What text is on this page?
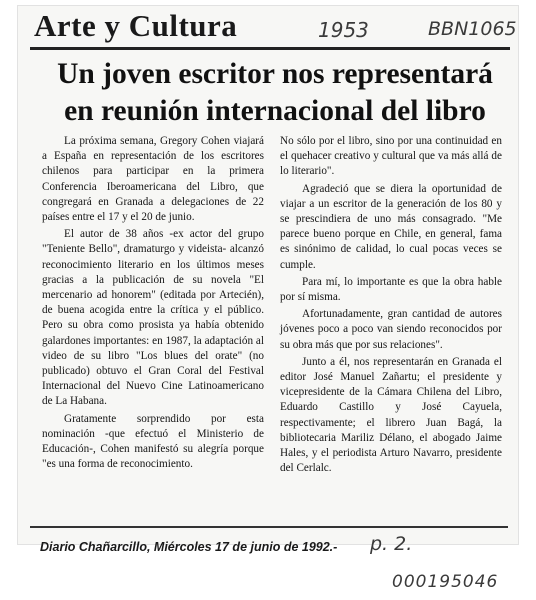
Arte y Cultura	1953	BBN1065
Un joven escritor nos representará en reunión internacional del libro

La próxima semana, Gregory Cohen viajará a España en representación de los escritores chilenos para participar en la primera Conferencia Iberoamericana del Libro, que congregará en Granada a delegaciones de 22 países entre el 17 y el 20 de junio.

El autor de 38 años -ex actor del grupo "Teniente Bello", dramaturgo y videista- alcanzó reconocimiento literario en los últimos meses gracias a la publicación de su novela "El mercenario ad honorem" (editada por Artecién), de buena acogida entre la crítica y el público. Pero su obra como prosista ya había obtenido galardones importantes: en 1987, la adaptación al video de su libro "Los blues del orate" (no publicado) obtuvo el Gran Coral del Festival Internacional del Nuevo Cine Latinoamericano de La Habana.

Gratamente sorprendido por esta nominación -que efectuó el Ministerio de Educación-, Cohen manifestó su alegría porque "es una forma de reconocimiento.

No sólo por el libro, sino por una continuidad en el quehacer creativo y cultural que va más allá de lo literario".

Agradeció que se diera la oportunidad de viajar a un escritor de la generación de los 80 y se prescindiera de uno más consagrado. "Me parece bueno porque en Chile, en general, fama es sinónimo de calidad, lo cual pocas veces se cumple.

Para mí, lo importante es que la obra hable por sí misma.

Afortunadamente, gran cantidad de autores jóvenes poco a poco van siendo reconocidos por su obra más que por sus relaciones".

Junto a él, nos representarán en Granada el editor José Manuel Zañartu; el presidente y vicepresidente de la Cámara Chilena del Libro, Eduardo Castillo y José Cayuela, respectivamente; el librero Juan Bagá, la bibliotecaria Mariliz Délano, el abogado Jaime Hales, y el periodista Arturo Navarro, presidente del Cerlalc.

Diario Chañarcillo, Miércoles 17 de junio de 1992.- p. 2.
000195046
